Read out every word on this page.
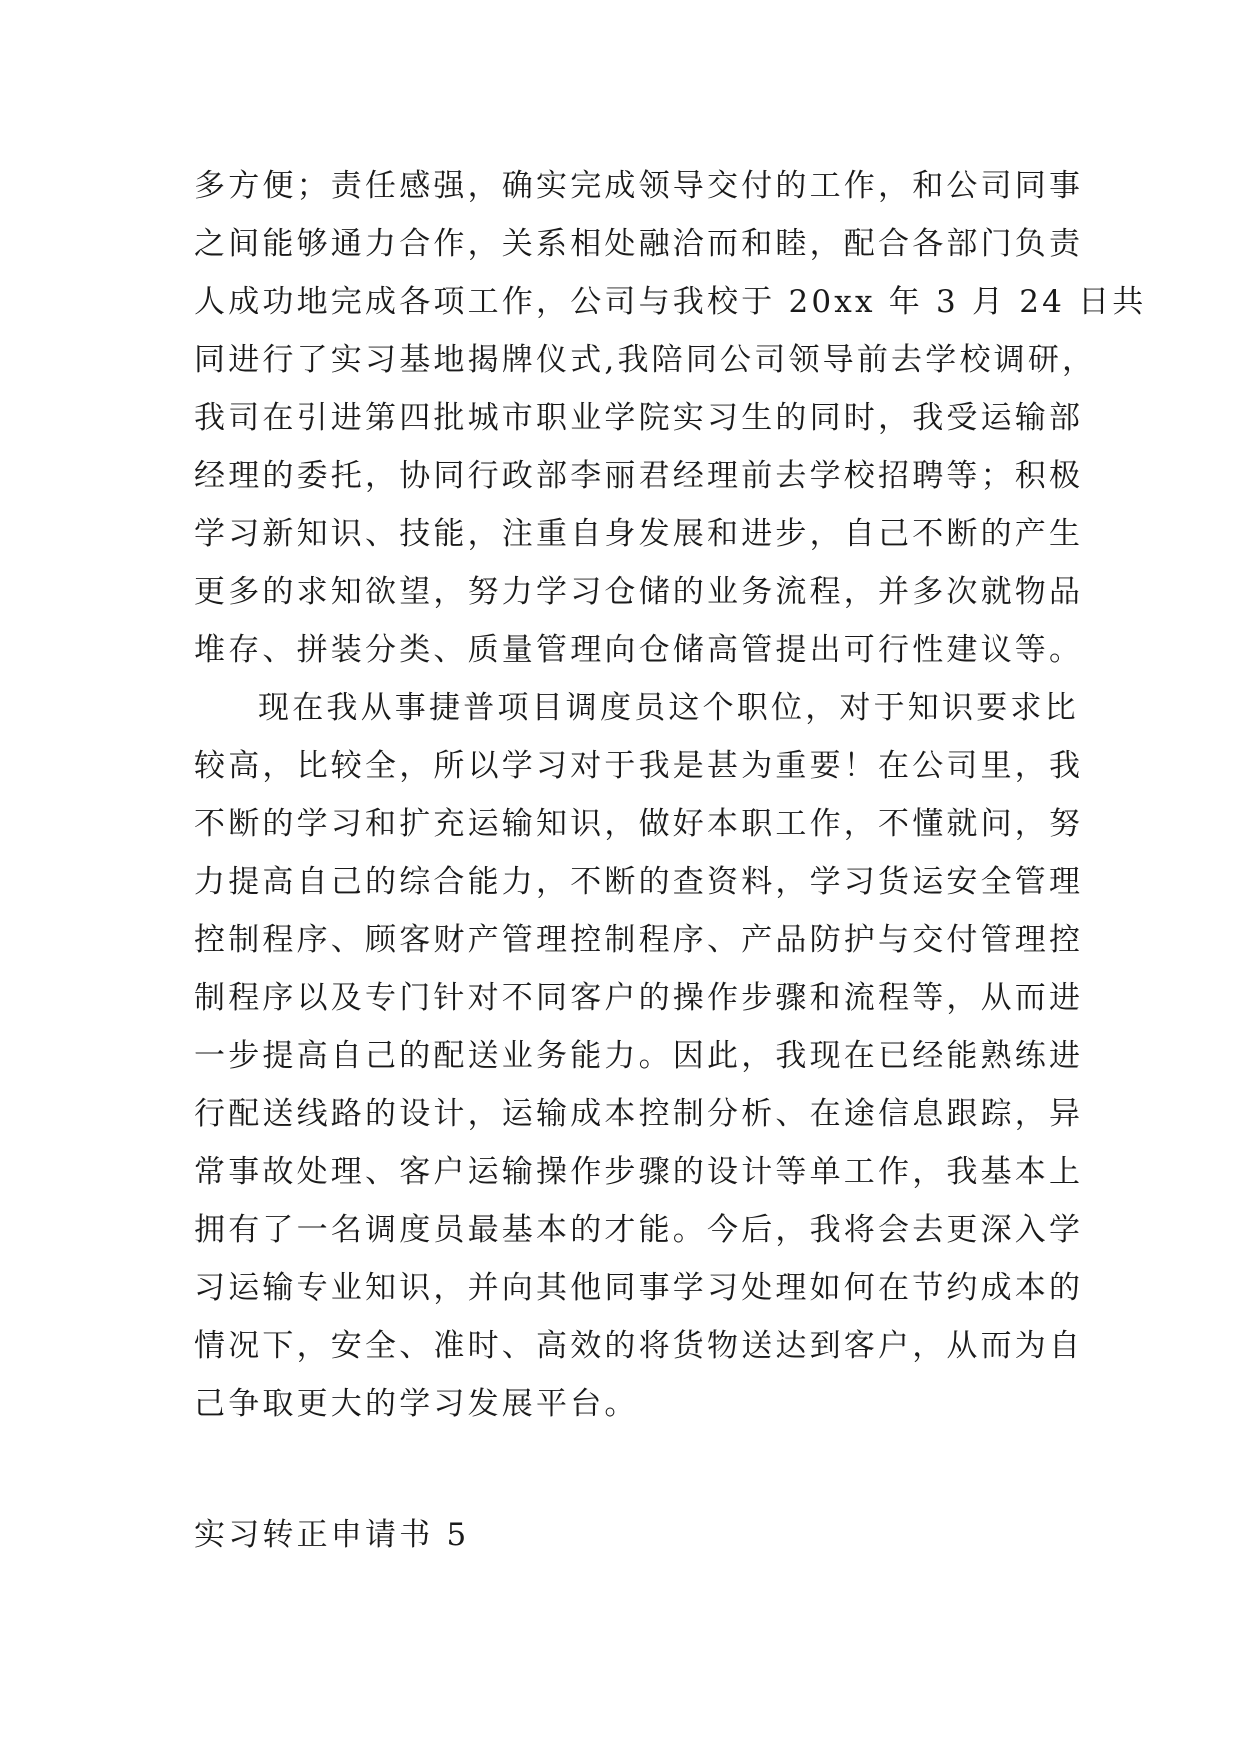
多方便；责任感强，确实完成领导交付的工作，和公司同事
之间能够通力合作，关系相处融洽而和睦，配合各部门负责
人成功地完成各项工作，公司与我校于 20xx 年 3 月 24 日共
同进行了实习基地揭牌仪式,我陪同公司领导前去学校调研，
我司在引进第四批城市职业学院实习生的同时，我受运输部
经理的委托，协同行政部李丽君经理前去学校招聘等；积极
学习新知识、技能，注重自身发展和进步，自己不断的产生
更多的求知欲望，努力学习仓储的业务流程，并多次就物品
堆存、拼装分类、质量管理向仓储高管提出可行性建议等。
现在我从事捷普项目调度员这个职位，对于知识要求比
较高，比较全，所以学习对于我是甚为重要！在公司里，我
不断的学习和扩充运输知识，做好本职工作，不懂就问，努
力提高自己的综合能力，不断的查资料，学习货运安全管理
控制程序、顾客财产管理控制程序、产品防护与交付管理控
制程序以及专门针对不同客户的操作步骤和流程等，从而进
一步提高自己的配送业务能力。因此，我现在已经能熟练进
行配送线路的设计，运输成本控制分析、在途信息跟踪，异
常事故处理、客户运输操作步骤的设计等单工作，我基本上
拥有了一名调度员最基本的才能。今后，我将会去更深入学
习运输专业知识，并向其他同事学习处理如何在节约成本的
情况下，安全、准时、高效的将货物送达到客户，从而为自
己争取更大的学习发展平台。
实习转正申请书 5
